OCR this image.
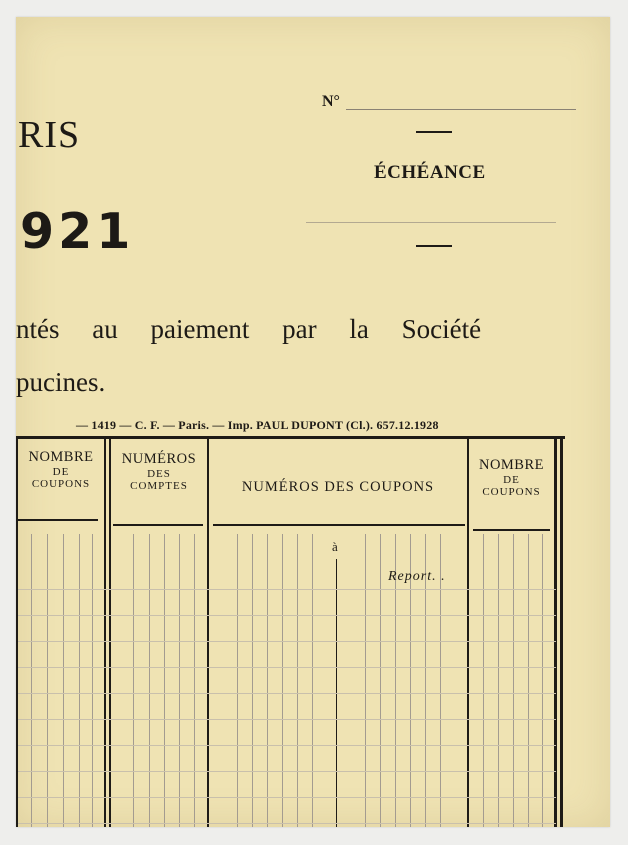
RIS
921
N°
ÉCHÉANCE
ntés au paiement par la Société
pucines.
— 1419 — C. F. — Paris. — Imp. PAUL DUPONT (Cl.). 657.12.1928
NOMBRE
DE
COUPONS
NUMÉROS
DES
COMPTES	NUMÉROS DES COUPONS
NOMBRE
DE
COUPONS
à
Report. .
